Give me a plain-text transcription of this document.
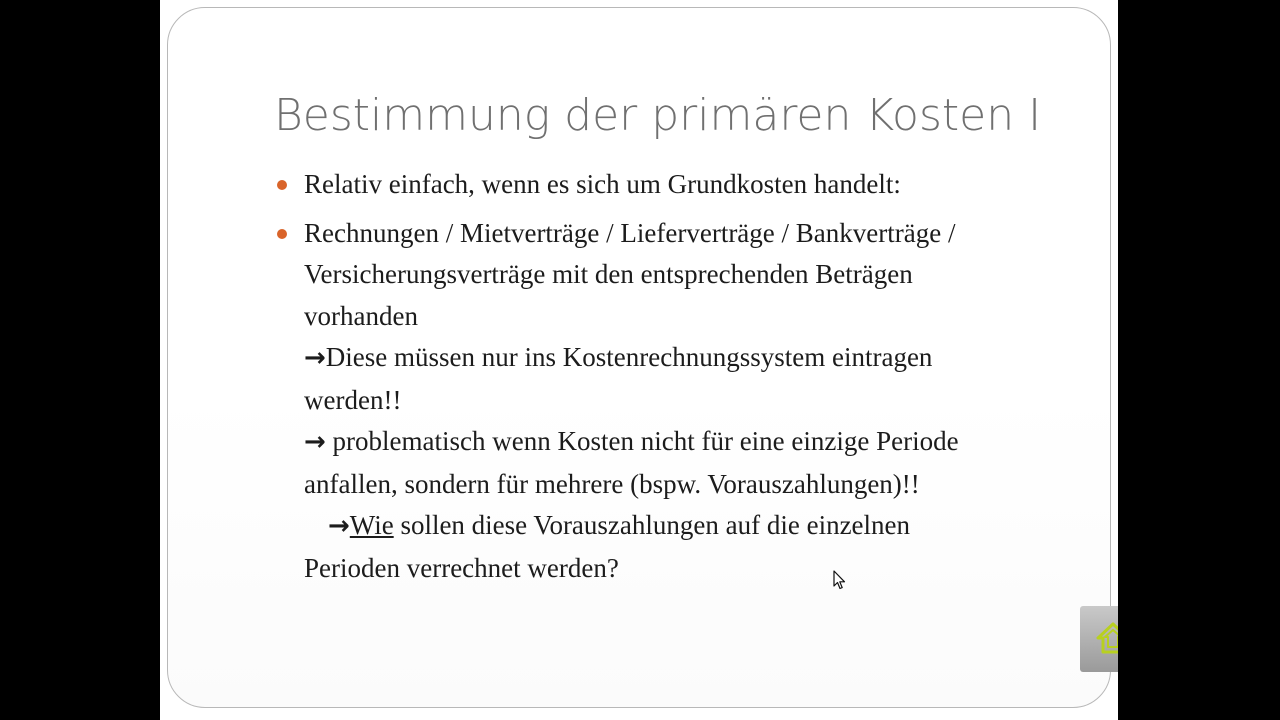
Bestimmung der primären Kosten I
Relativ einfach, wenn es sich um Grundkosten handelt:
Rechnungen / Mietverträge / Lieferverträge / Bankverträge /
Versicherungsverträge mit den entsprechenden Beträgen
vorhanden
→Diese müssen nur ins Kostenrechnungssystem eintragen
werden!!
→ problematisch wenn Kosten nicht für eine einzige Periode
anfallen, sondern für mehrere (bspw. Vorauszahlungen)!!
→Wie sollen diese Vorauszahlungen auf die einzelnen
Perioden verrechnet werden?
